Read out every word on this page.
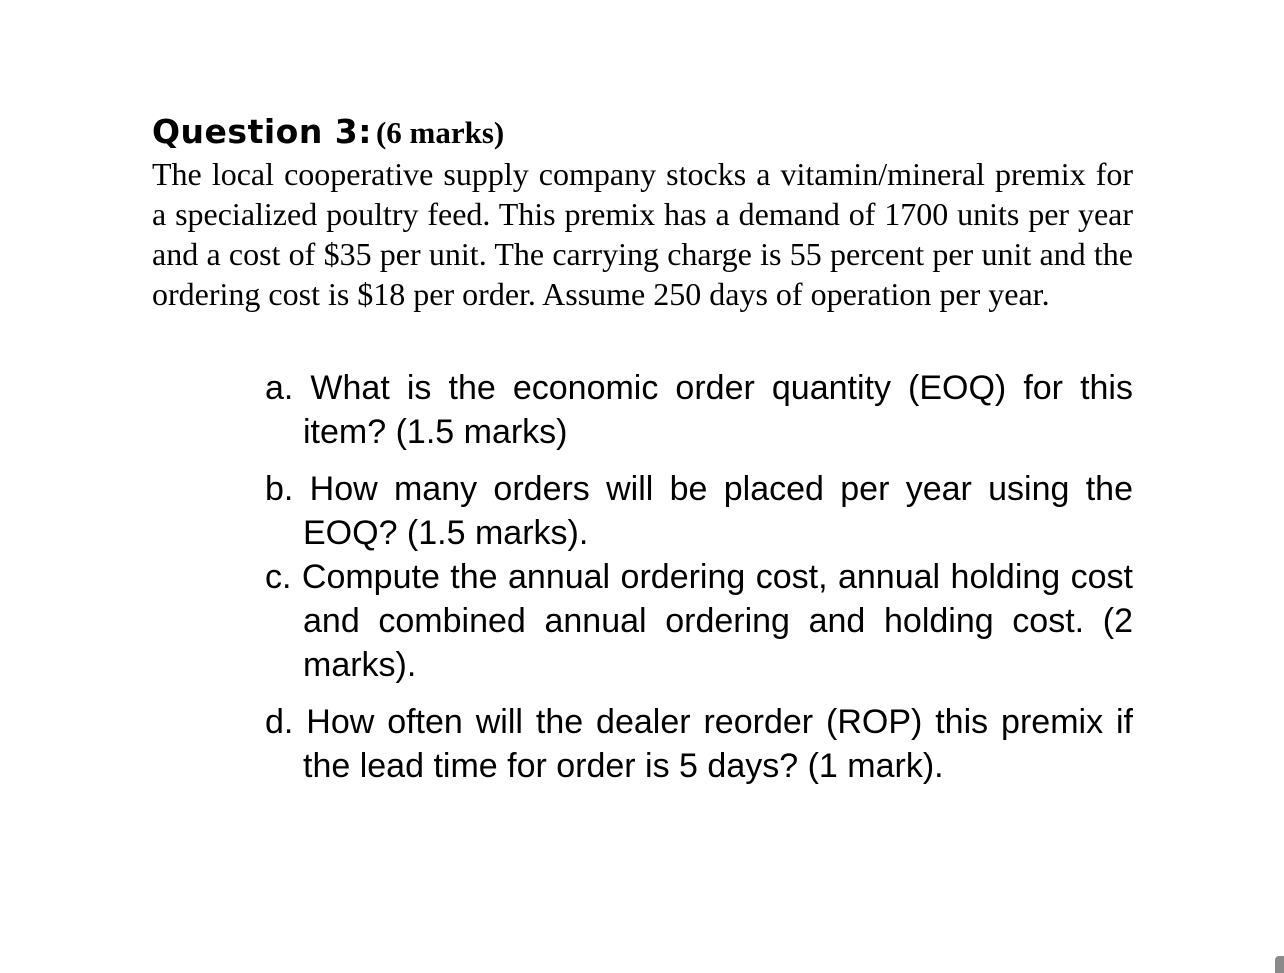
Question 3: (6 marks)

The local cooperative supply company stocks a vitamin/mineral premix for a specialized poultry feed. This premix has a demand of 1700 units per year and a cost of $35 per unit. The carrying charge is 55 percent per unit and the ordering cost is $18 per order. Assume 250 days of operation per year.

a. What is the economic order quantity (EOQ) for this item? (1.5 marks)
b. How many orders will be placed per year using the EOQ? (1.5 marks).
c. Compute the annual ordering cost, annual holding cost and combined annual ordering and holding cost. (2 marks).
d. How often will the dealer reorder (ROP) this premix if the lead time for order is 5 days? (1 mark).
